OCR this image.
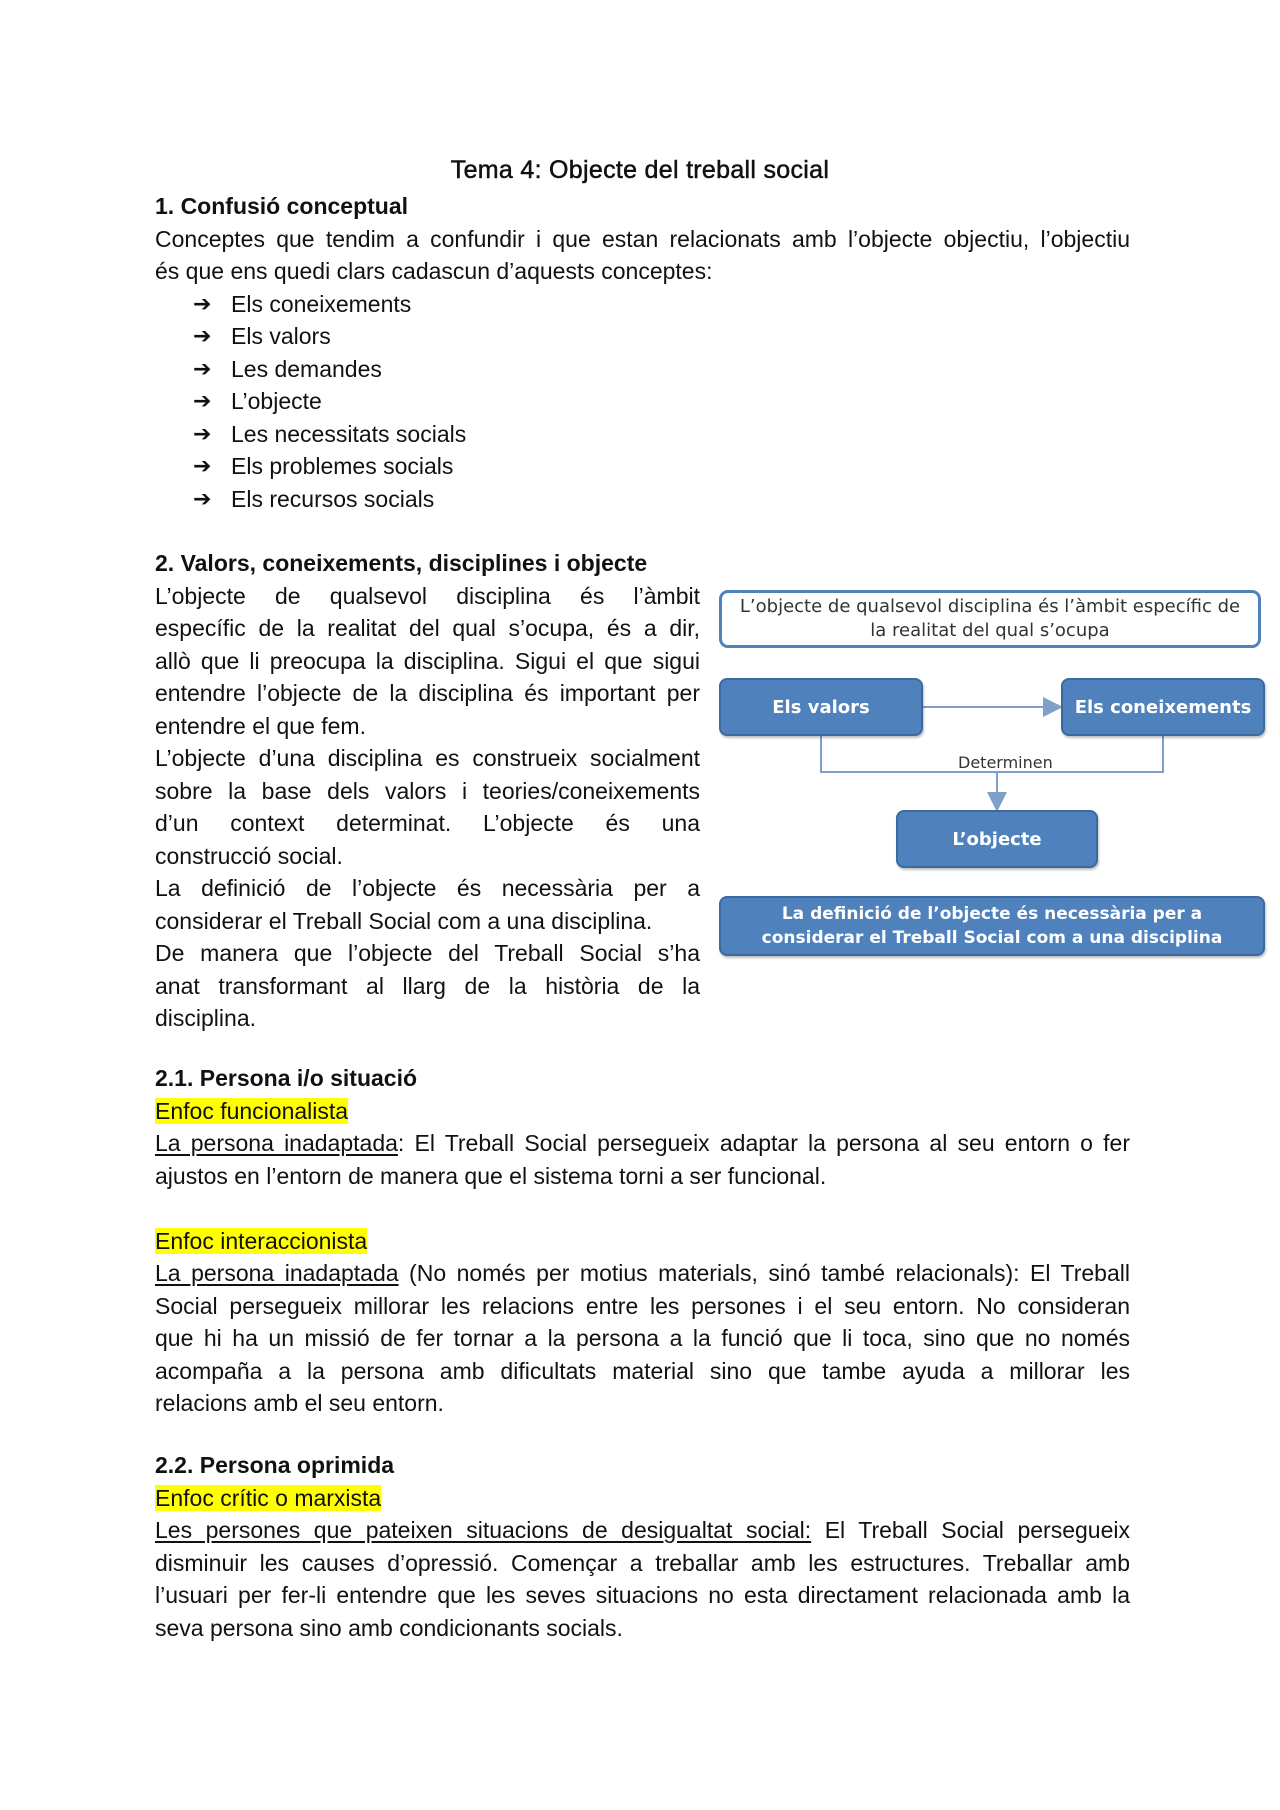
Tema 4: Objecte del treball social
1. Confusió conceptual
Conceptes que tendim a confundir i que estan relacionats amb l’objecte objectiu, l’objectiu
és que ens quedi clars cadascun d’aquests conceptes:
➔ Els coneixements
➔ Els valors
➔ Les demandes
➔ L’objecte
➔ Les necessitats socials
➔ Els problemes socials
➔ Els recursos socials
2. Valors, coneixements, disciplines i objecte
L’objecte de qualsevol disciplina és l’àmbit
específic de la realitat del qual s’ocupa, és a dir,
allò que li preocupa la disciplina. Sigui el que sigui
entendre l’objecte de la disciplina és important per
entendre el que fem.
L’objecte d’una disciplina es construeix socialment
sobre la base dels valors i teories/coneixements
d’un context determinat. L’objecte és una
construcció social.
La definició de l’objecte és necessària per a
considerar el Treball Social com a una disciplina.
De manera que l’objecte del Treball Social s’ha
anat transformant al llarg de la història de la
disciplina.
L’objecte de qualsevol disciplina és l’àmbit específic de la realitat del qual s’ocupa
Els valors	Els coneixements
Determinen
L’objecte
La definició de l’objecte és necessària per a considerar el Treball Social com a una disciplina
2.1. Persona i/o situació
Enfoc funcionalista
La persona inadaptada: El Treball Social persegueix adaptar la persona al seu entorn o fer
ajustos en l’entorn de manera que el sistema torni a ser funcional.
Enfoc interaccionista
La persona inadaptada (No només per motius materials, sinó també relacionals): El Treball
Social persegueix millorar les relacions entre les persones i el seu entorn. No consideran
que hi ha un missió de fer tornar a la persona a la funció que li toca, sino que no només
acompaña a la persona amb dificultats material sino que tambe ayuda a millorar les
relacions amb el seu entorn.
2.2. Persona oprimida
Enfoc crític o marxista
Les persones que pateixen situacions de desigualtat social: El Treball Social persegueix
disminuir les causes d’opressió. Començar a treballar amb les estructures. Treballar amb
l’usuari per fer-li entendre que les seves situacions no esta directament relacionada amb la
seva persona sino amb condicionants socials.
